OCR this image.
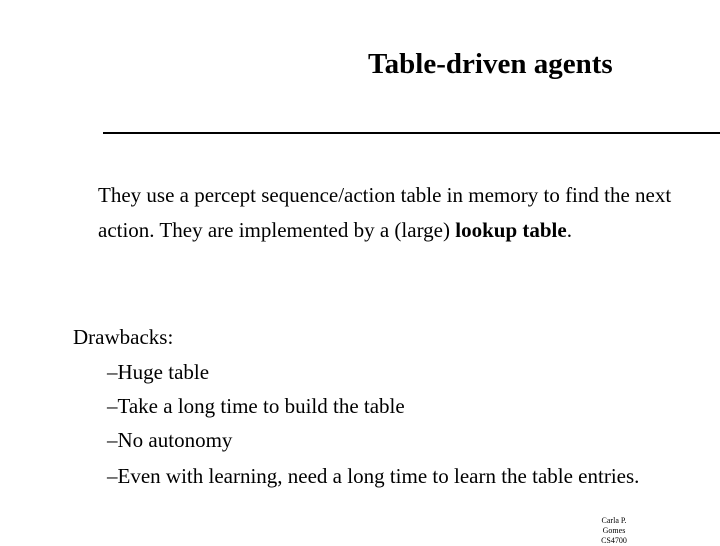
Table-driven agents
They use a percept sequence/action table in memory to find the next action. They are implemented by a (large) lookup table.
Drawbacks:
–Huge table
–Take a long time to build the table
–No autonomy
–Even with learning, need a long time to learn the table entries.
Carla P. Gomes
CS4700
